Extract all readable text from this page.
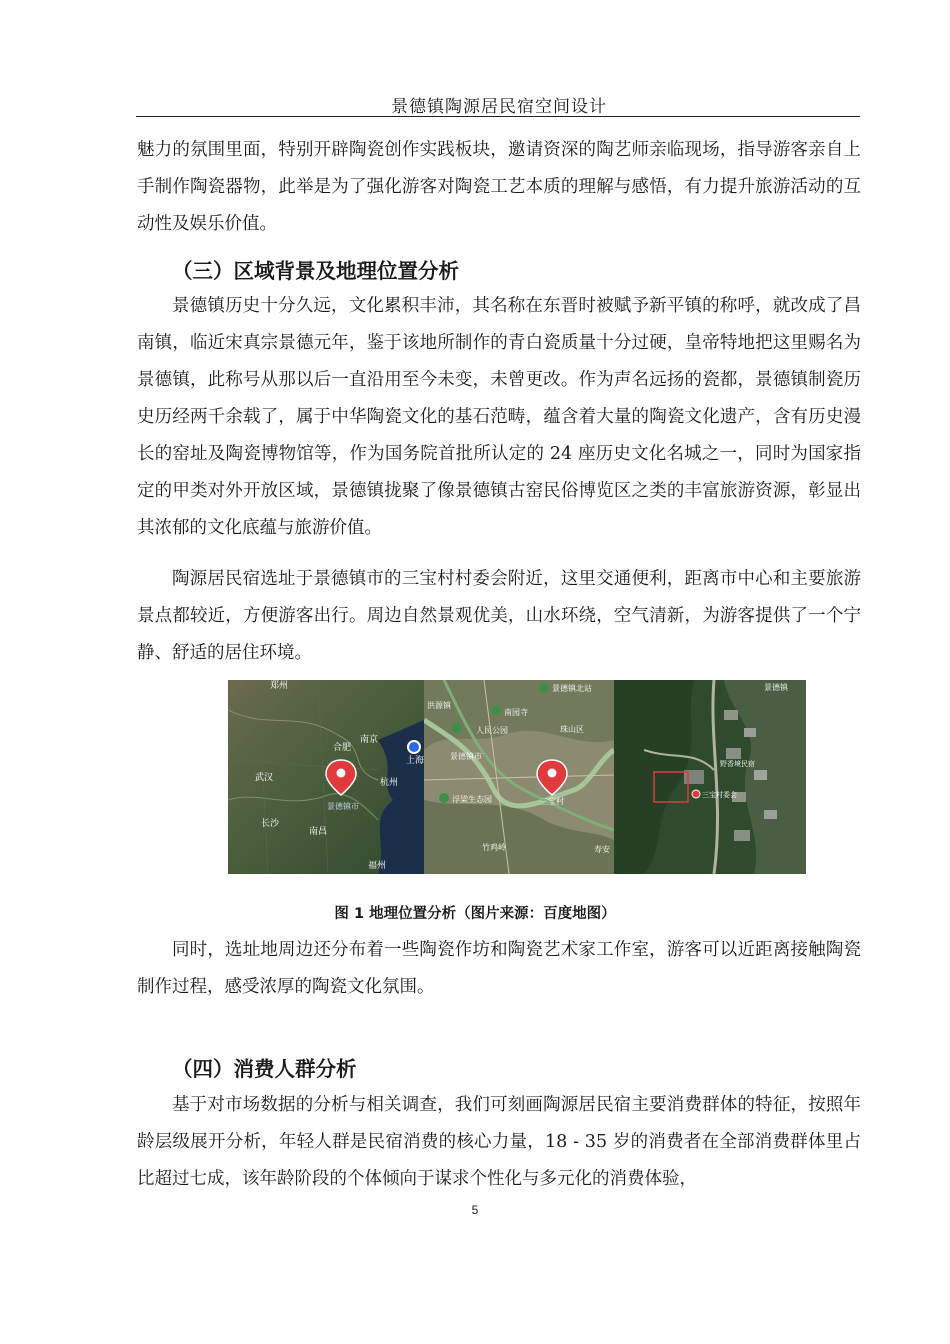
景德镇陶源居民宿空间设计

魅力的氛围里面，特别开辟陶瓷创作实践板块，邀请资深的陶艺师亲临现场，指导游客亲自上手制作陶瓷器物，此举是为了强化游客对陶瓷工艺本质的理解与感悟，有力提升旅游活动的互动性及娱乐价值。

（三）区域背景及地理位置分析

景德镇历史十分久远，文化累积丰沛，其名称在东晋时被赋予新平镇的称呼，就改成了昌南镇，临近宋真宗景德元年，鉴于该地所制作的青白瓷质量十分过硬，皇帝特地把这里赐名为景德镇，此称号从那以后一直沿用至今未变，未曾更改。作为声名远扬的瓷都，景德镇制瓷历史历经两千余载了，属于中华陶瓷文化的基石范畴，蕴含着大量的陶瓷文化遗产，含有历史漫长的窑址及陶瓷博物馆等，作为国务院首批所认定的 24 座历史文化名城之一，同时为国家指定的甲类对外开放区域，景德镇拢聚了像景德镇古窑民俗博览区之类的丰富旅游资源，彰显出其浓郁的文化底蕴与旅游价值。

陶源居民宿选址于景德镇市的三宝村村委会附近，这里交通便利，距离市中心和主要旅游景点都较近，方便游客出行。周边自然景观优美，山水环绕，空气清新，为游客提供了一个宁静、舒适的居住环境。

郑州
合肥
南京
上海
武汉	杭州
南昌
长沙
福州
景德镇市
景德镇北站
洪源镇
南园寺
人民公园
景德镇市
珠山区
三宝村
浮梁生态园
竹鸡岭	寿安
景德镇
三宝村委会
野香境民宿
图 1 地理位置分析（图片来源：百度地图）

同时，选址地周边还分布着一些陶瓷作坊和陶瓷艺术家工作室，游客可以近距离接触陶瓷制作过程，感受浓厚的陶瓷文化氛围。

（四）消费人群分析

基于对市场数据的分析与相关调查，我们可刻画陶源居民宿主要消费群体的特征，按照年龄层级展开分析，年轻人群是民宿消费的核心力量，18 - 35 岁的消费者在全部消费群体里占比超过七成，该年龄阶段的个体倾向于谋求个性化与多元化的消费体验，

5
